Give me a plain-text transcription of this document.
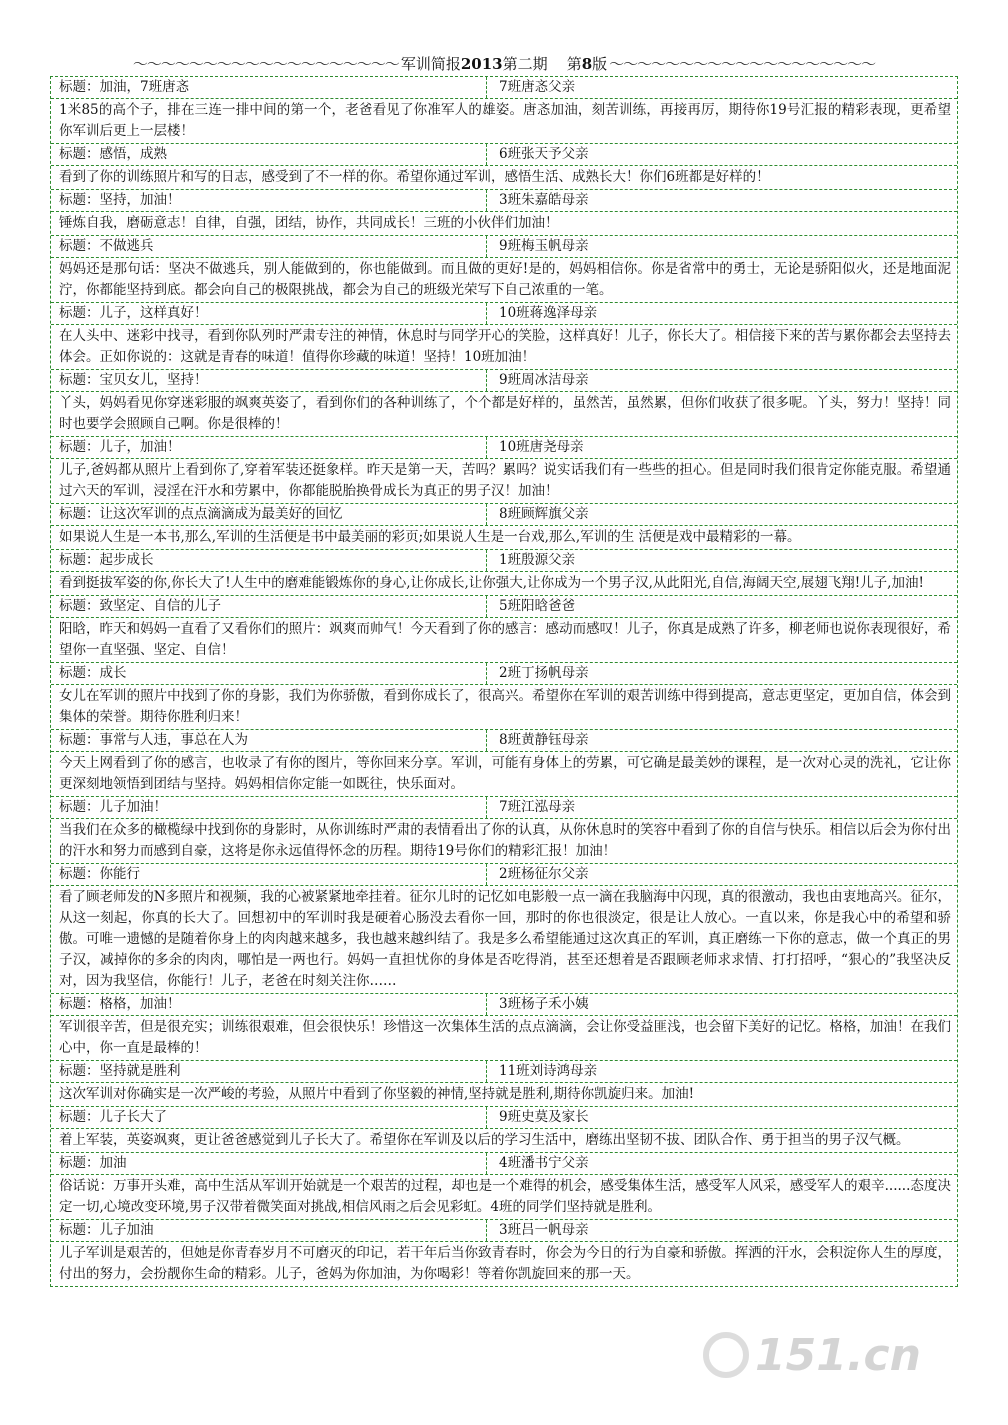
～～～～～～～～～～～～～～～～～～～ 军训简报2013第二期 第8版 ～～～～～～～～～～～～～～～～～～～
标题：加油，7班唐忞	7班唐忞父亲
1米85的高个子，排在三连一排中间的第一个，老爸看见了你准军人的雄姿。唐忞加油，刻苦训练，再接再厉，期待你19号汇报的精彩表现，更希望你军训后更上一层楼！
标题：感悟，成熟	6班张天予父亲
看到了你的训练照片和写的日志，感受到了不一样的你。希望你通过军训，感悟生活、成熟长大！你们6班都是好样的！
标题：坚持，加油！	3班朱嘉皓母亲
锤炼自我，磨砺意志！自律，自强，团结，协作，共同成长！三班的小伙伴们加油！
标题：不做逃兵	9班梅玉帆母亲
妈妈还是那句话：坚决不做逃兵，别人能做到的，你也能做到。而且做的更好!是的，妈妈相信你。你是省常中的勇士，无论是骄阳似火，还是地面泥泞，你都能坚持到底。都会向自己的极限挑战，都会为自己的班级光荣写下自己浓重的一笔。
标题：儿子，这样真好！	10班蒋逸泽母亲
在人头中、迷彩中找寻，看到你队列时严肃专注的神情，休息时与同学开心的笑脸，这样真好！儿子，你长大了。相信接下来的苦与累你都会去坚持去体会。正如你说的：这就是青春的味道！值得你珍藏的味道！坚持！10班加油！
标题：宝贝女儿，坚持！	9班周冰洁母亲
丫头，妈妈看见你穿迷彩服的飒爽英姿了，看到你们的各种训练了，个个都是好样的，虽然苦，虽然累，但你们收获了很多呢。丫头，努力！坚持！同时也要学会照顾自己啊。你是很棒的！
标题：儿子，加油！	10班唐尧母亲
儿子,爸妈都从照片上看到你了,穿着军装还挺象样。昨天是第一天，苦吗？累吗？说实话我们有一些些的担心。但是同时我们很肯定你能克服。希望通过六天的军训，浸淫在汗水和劳累中，你都能脱胎换骨成长为真正的男子汉！加油！
标题：让这次军训的点点滴滴成为最美好的回忆	8班顾辉旗父亲
如果说人生是一本书,那么,军训的生活便是书中最美丽的彩页;如果说人生是一台戏,那么,军训的生 活便是戏中最精彩的一幕。
标题：起步成长	1班殷源父亲
看到挺拔军姿的你,你长大了!人生中的磨难能锻炼你的身心,让你成长,让你强大,让你成为一个男子汉,从此阳光,自信,海阔天空,展翅飞翔!儿子,加油!
标题：致坚定、自信的儿子	5班阳晗爸爸
阳晗，昨天和妈妈一直看了又看你们的照片：飒爽而帅气！今天看到了你的感言：感动而感叹！儿子，你真是成熟了许多，柳老师也说你表现很好，希望你一直坚强、坚定、自信！
标题：成长	2班丁扬帆母亲
女儿在军训的照片中找到了你的身影，我们为你骄傲，看到你成长了，很高兴。希望你在军训的艰苦训练中得到提高，意志更坚定，更加自信，体会到集体的荣誉。期待你胜利归来！
标题：事常与人违，事总在人为	8班黄静钰母亲
今天上网看到了你的感言，也收录了有你的图片，等你回来分享。军训，可能有身体上的劳累，可它确是最美妙的课程，是一次对心灵的洗礼，它让你更深刻地领悟到团结与坚持。妈妈相信你定能一如既往，快乐面对。
标题：儿子加油！	7班江泓母亲
当我们在众多的橄榄绿中找到你的身影时，从你训练时严肃的表情看出了你的认真，从你休息时的笑容中看到了你的自信与快乐。相信以后会为你付出的汗水和努力而感到自豪，这将是你永远值得怀念的历程。期待19号你们的精彩汇报！加油！
标题：你能行	2班杨征尔父亲
看了顾老师发的N多照片和视频，我的心被紧紧地牵挂着。征尔儿时的记忆如电影般一点一滴在我脑海中闪现，真的很激动，我也由衷地高兴。征尔，从这一刻起，你真的长大了。回想初中的军训时我是硬着心肠没去看你一回，那时的你也很淡定，很是让人放心。一直以来，你是我心中的希望和骄傲。可唯一遗憾的是随着你身上的肉肉越来越多，我也越来越纠结了。我是多么希望能通过这次真正的军训，真正磨练一下你的意志，做一个真正的男子汉，减掉你的多余的肉肉，哪怕是一两也行。妈妈一直担忧你的身体是否吃得消，甚至还想着是否跟顾老师求求情、打打招呼，“狠心的”我坚决反对，因为我坚信，你能行！儿子，老爸在时刻关注你……
标题：格格，加油！	3班杨子禾小姨
军训很辛苦，但是很充实；训练很艰难，但会很快乐！珍惜这一次集体生活的点点滴滴，会让你受益匪浅，也会留下美好的记忆。格格，加油！在我们心中，你一直是最棒的！
标题：坚持就是胜利	11班刘诗鸿母亲
这次军训对你确实是一次严峻的考验，从照片中看到了你坚毅的神情,坚持就是胜利,期待你凯旋归来。加油!
标题：儿子长大了	9班史莫及家长
着上军装，英姿飒爽，更让爸爸感觉到儿子长大了。希望你在军训及以后的学习生活中，磨练出坚韧不拔、团队合作、勇于担当的男子汉气概。
标题：加油	4班潘书宁父亲
俗话说：万事开头难，高中生活从军训开始就是一个艰苦的过程，却也是一个难得的机会，感受集体生活，感受军人风采，感受军人的艰辛......态度决定一切,心境改变环境,男子汉带着微笑面对挑战,相信风雨之后会见彩虹。4班的同学们坚持就是胜利。
标题：儿子加油	3班吕一帆母亲
儿子军训是艰苦的，但她是你青春岁月不可磨灭的印记，若干年后当你致青春时，你会为今日的行为自豪和骄傲。挥洒的汗水，会积淀你人生的厚度，付出的努力，会扮靓你生命的精彩。儿子，爸妈为你加油，为你喝彩！等着你凯旋回来的那一天。
151.cn
